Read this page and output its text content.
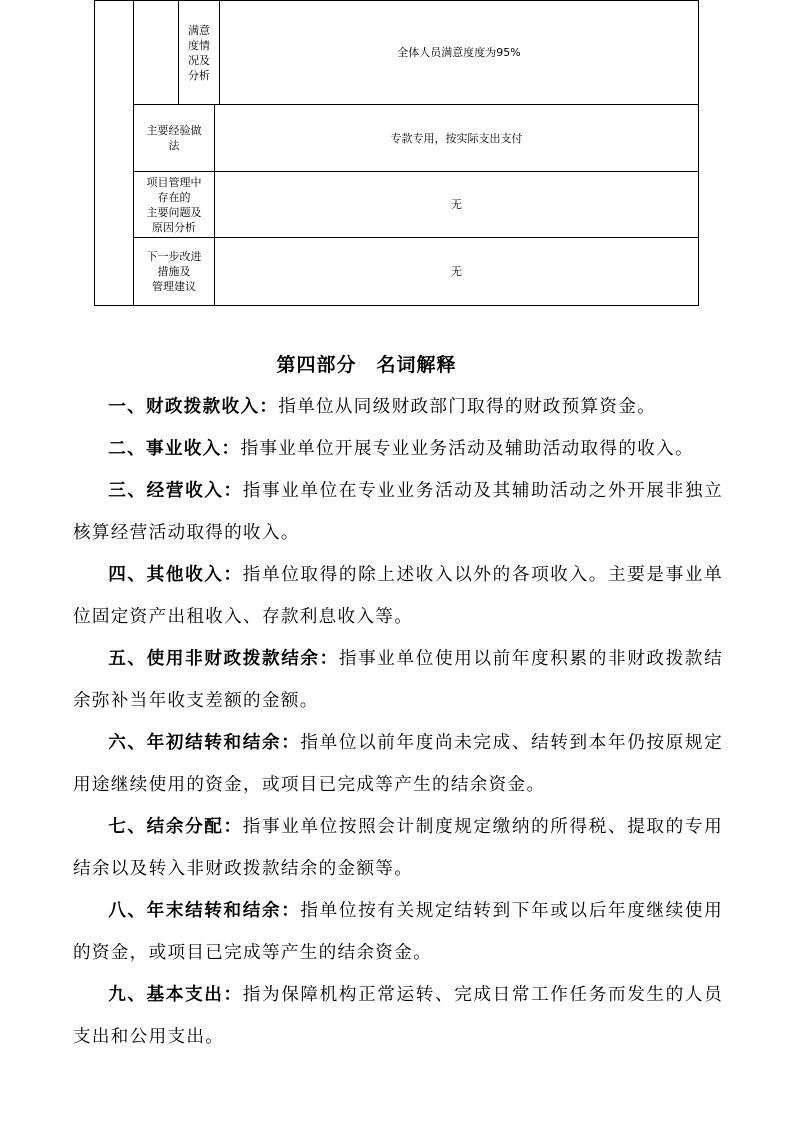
满意
度情
况及
分析
全体人员满意度度为95%
主要经验做
法
专款专用，按实际支出支付
项目管理中
存在的
主要问题及
原因分析
无
下一步改进
措施及
管理建议
无
第四部分　名词解释

一、财政拨款收入：指单位从同级财政部门取得的财政预算资金。

二、事业收入：指事业单位开展专业业务活动及辅助活动取得的收入。

三、经营收入：指事业单位在专业业务活动及其辅助活动之外开展非独立核算经营活动取得的收入。

四、其他收入：指单位取得的除上述收入以外的各项收入。主要是事业单位固定资产出租收入、存款利息收入等。

五、使用非财政拨款结余：指事业单位使用以前年度积累的非财政拨款结余弥补当年收支差额的金额。

六、年初结转和结余：指单位以前年度尚未完成、结转到本年仍按原规定用途继续使用的资金，或项目已完成等产生的结余资金。

七、结余分配：指事业单位按照会计制度规定缴纳的所得税、提取的专用结余以及转入非财政拨款结余的金额等。

八、年末结转和结余：指单位按有关规定结转到下年或以后年度继续使用的资金，或项目已完成等产生的结余资金。

九、基本支出：指为保障机构正常运转、完成日常工作任务而发生的人员支出和公用支出。
